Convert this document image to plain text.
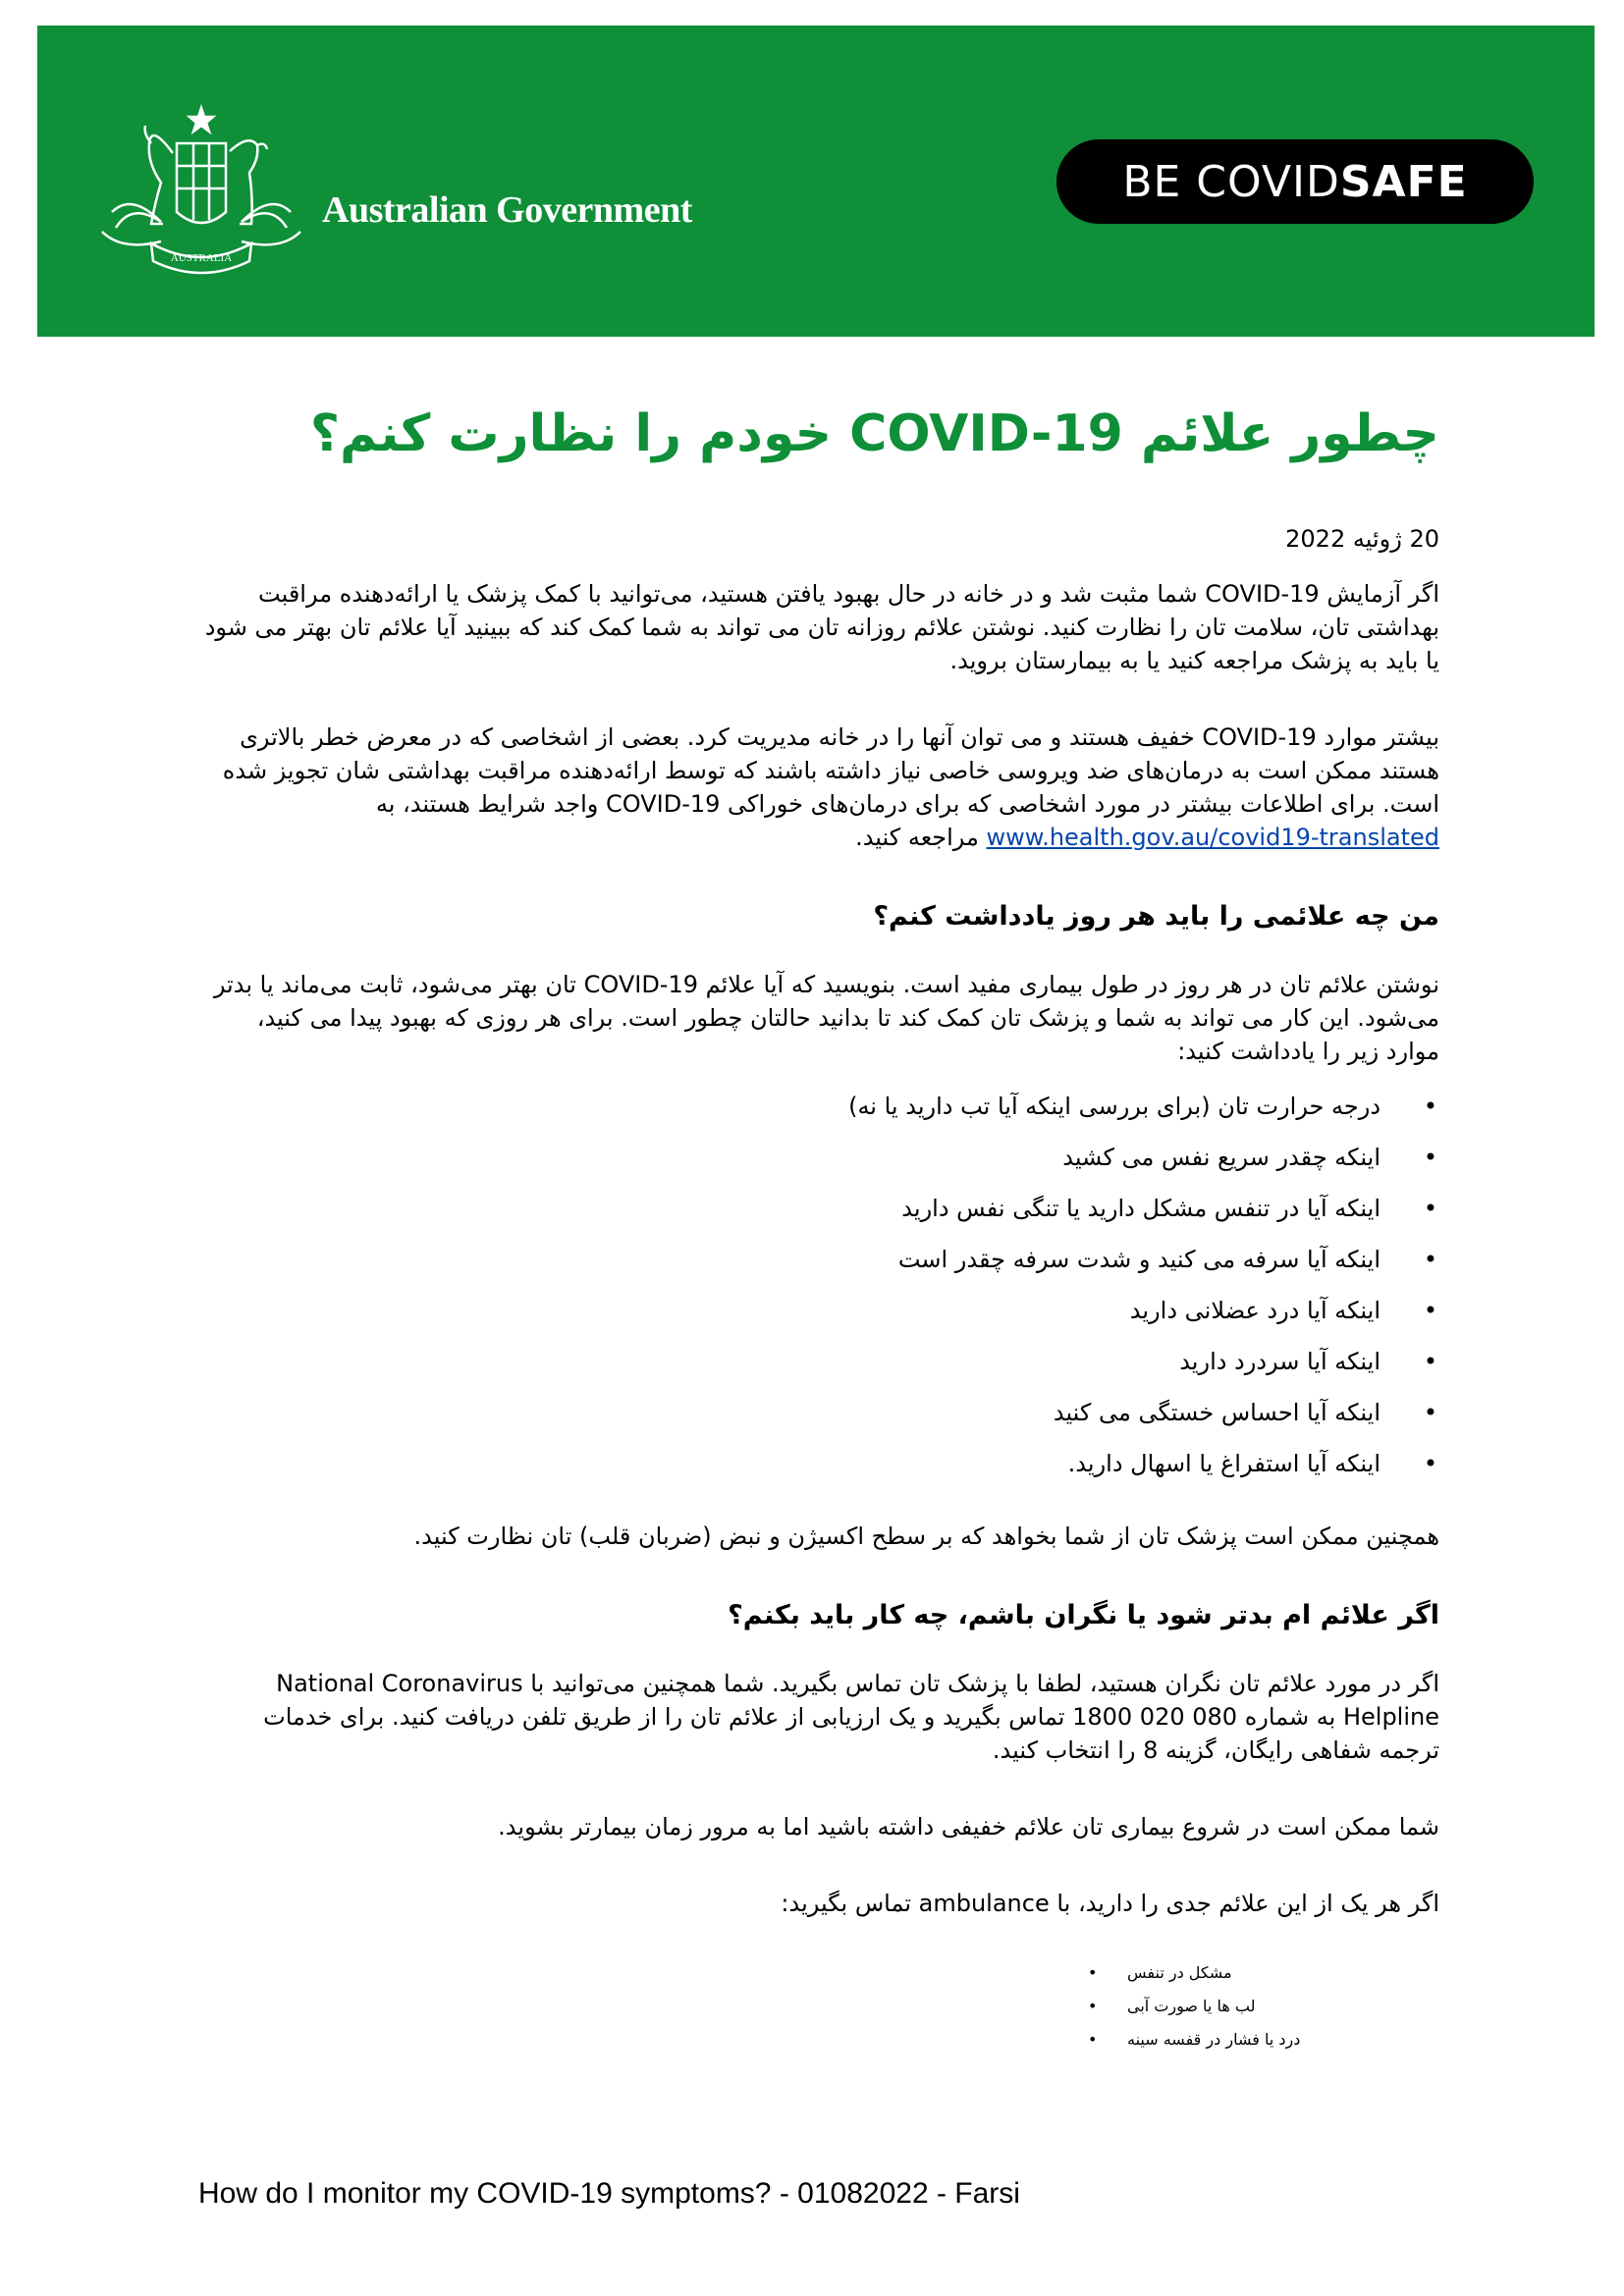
AUSTRALIA
Australian Government
BE COVID SAFE
چطور علائم COVID-19 خودم را نظارت کنم؟
20 ژوئیه 2022

اگر آزمایش COVID-19 شما مثبت شد و در خانه در حال بهبود یافتن هستید، می‌توانید با کمک پزشک یا ارائه‌دهنده مراقبت بهداشتی تان، سلامت تان را نظارت کنید. نوشتن علائم روزانه تان می تواند به شما کمک کند که ببینید آیا علائم تان بهتر می شود یا باید به پزشک مراجعه کنید یا به بیمارستان بروید.

بیشتر موارد COVID-19 خفیف هستند و می توان آنها را در خانه مدیریت کرد. بعضی از اشخاصی که در معرض خطر بالاتری هستند ممکن است به درمان‌های ضد ویروسی خاصی نیاز داشته باشند که توسط ارائه‌دهنده مراقبت بهداشتی شان تجویز شده است. برای اطلاعات بیشتر در مورد اشخاصی که برای درمان‌های خوراکی COVID-19 واجد شرایط هستند، به www.health.gov.au/covid19-translated مراجعه کنید.

من چه علائمی را باید هر روز یادداشت کنم؟

نوشتن علائم تان در هر روز در طول بیماری مفید است. بنویسید که آیا علائم COVID-19 تان بهتر می‌شود، ثابت می‌ماند یا بدتر می‌شود. این کار می تواند به شما و پزشک تان کمک کند تا بدانید حالتان چطور است. برای هر روزی که بهبود پیدا می کنید، موارد زیر را یادداشت کنید:

• درجه حرارت تان (برای بررسی اینکه آیا تب دارید یا نه)
• اینکه چقدر سریع نفس می کشید
• اینکه آیا در تنفس مشکل دارید یا تنگی نفس دارید
• اینکه آیا سرفه می کنید و شدت سرفه چقدر است
• اینکه آیا درد عضلانی دارید
• اینکه آیا سردرد دارید
• اینکه آیا احساس خستگی می کنید
• اینکه آیا استفراغ یا اسهال دارید.

همچنین ممکن است پزشک تان از شما بخواهد که بر سطح اکسیژن و نبض (ضربان قلب) تان نظارت کنید.

اگر علائم ام بدتر شود یا نگران باشم، چه کار باید بکنم؟

اگر در مورد علائم تان نگران هستید، لطفا با پزشک تان تماس بگیرید. شما همچنین می‌توانید با National Coronavirus Helpline به شماره 080 020 1800 تماس بگیرید و یک ارزیابی از علائم تان را از طریق تلفن دریافت کنید. برای خدمات ترجمه شفاهی رایگان، گزینه 8 را انتخاب کنید.

شما ممکن است در شروع بیماری تان علائم خفیفی داشته باشید اما به مرور زمان بیمارتر بشوید.

اگر هر یک از این علائم جدی را دارید، با ambulance تماس بگیرید:

• مشکل در تنفس
• لب ها یا صورت آبی
• درد یا فشار در قفسه سینه
How do I monitor my COVID-19 symptoms? - 01082022 - Farsi
